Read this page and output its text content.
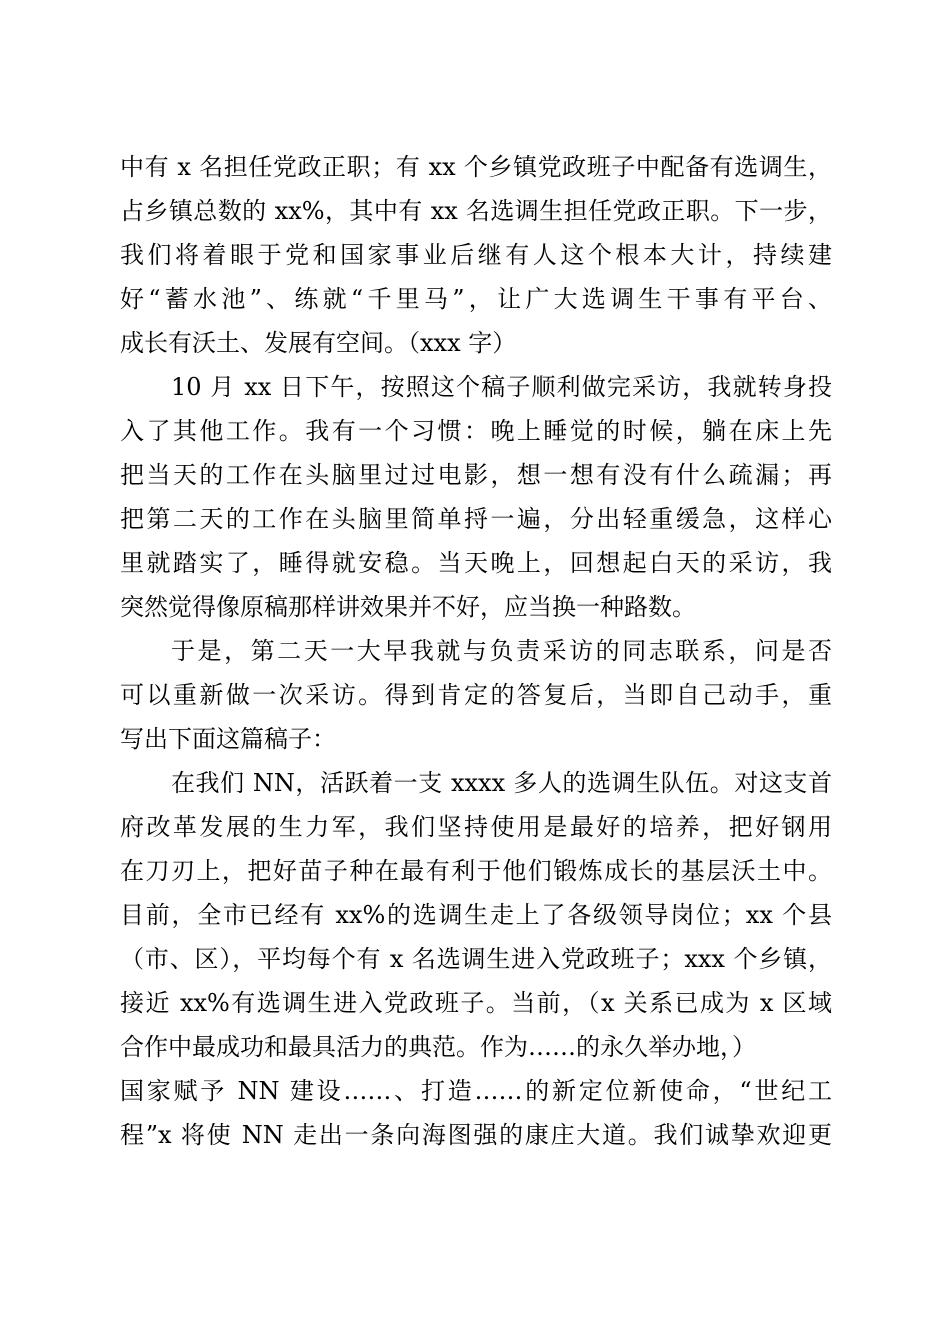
中有 x 名担任党政正职；有 xx 个乡镇党政班子中配备有选调生，
占乡镇总数的 xx%，其中有 xx 名选调生担任党政正职。下一步，
我们将着眼于党和国家事业后继有人这个根本大计，持续建
好“蓄水池”、练就“千里马”，让广大选调生干事有平台、
成长有沃土、发展有空间。（xxx 字）
10 月 xx 日下午，按照这个稿子顺利做完采访，我就转身投
入了其他工作。我有一个习惯：晚上睡觉的时候，躺在床上先
把当天的工作在头脑里过过电影，想一想有没有什么疏漏；再
把第二天的工作在头脑里简单捋一遍，分出轻重缓急，这样心
里就踏实了，睡得就安稳。当天晚上，回想起白天的采访，我
突然觉得像原稿那样讲效果并不好，应当换一种路数。
于是，第二天一大早我就与负责采访的同志联系，问是否
可以重新做一次采访。得到肯定的答复后，当即自己动手，重
写出下面这篇稿子：
在我们 NN，活跃着一支 xxxx 多人的选调生队伍。对这支首
府改革发展的生力军，我们坚持使用是最好的培养，把好钢用
在刀刃上，把好苗子种在最有利于他们锻炼成长的基层沃土中。
目前，全市已经有 xx%的选调生走上了各级领导岗位；xx 个县
（市、区），平均每个有 x 名选调生进入党政班子；xxx 个乡镇，
接近 xx%有选调生进入党政班子。当前，（x 关系已成为 x 区域
合作中最成功和最具活力的典范。作为……的永久举办地，）
国家赋予 NN 建设……、打造……的新定位新使命，“世纪工
程”x 将使 NN 走出一条向海图强的康庄大道。我们诚挚欢迎更
